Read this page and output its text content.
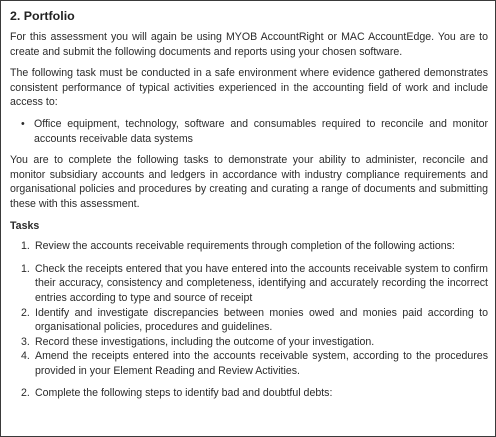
2. Portfolio

For this assessment you will again be using MYOB AccountRight or MAC AccountEdge. You are to create and submit the following documents and reports using your chosen software.

The following task must be conducted in a safe environment where evidence gathered demonstrates consistent performance of typical activities experienced in the accounting field of work and include access to:

• Office equipment, technology, software and consumables required to reconcile and monitor accounts receivable data systems

You are to complete the following tasks to demonstrate your ability to administer, reconcile and monitor subsidiary accounts and ledgers in accordance with industry compliance requirements and organisational policies and procedures by creating and curating a range of documents and submitting these with this assessment.

Tasks
1. Review the accounts receivable requirements through completion of the following actions:
1. Check the receipts entered that you have entered into the accounts receivable system to confirm their accuracy, consistency and completeness, identifying and accurately recording the incorrect entries according to type and source of receipt
2. Identify and investigate discrepancies between monies owed and monies paid according to organisational policies, procedures and guidelines.
3. Record these investigations, including the outcome of your investigation.
4. Amend the receipts entered into the accounts receivable system, according to the procedures provided in your Element Reading and Review Activities.
2. Complete the following steps to identify bad and doubtful debts:
